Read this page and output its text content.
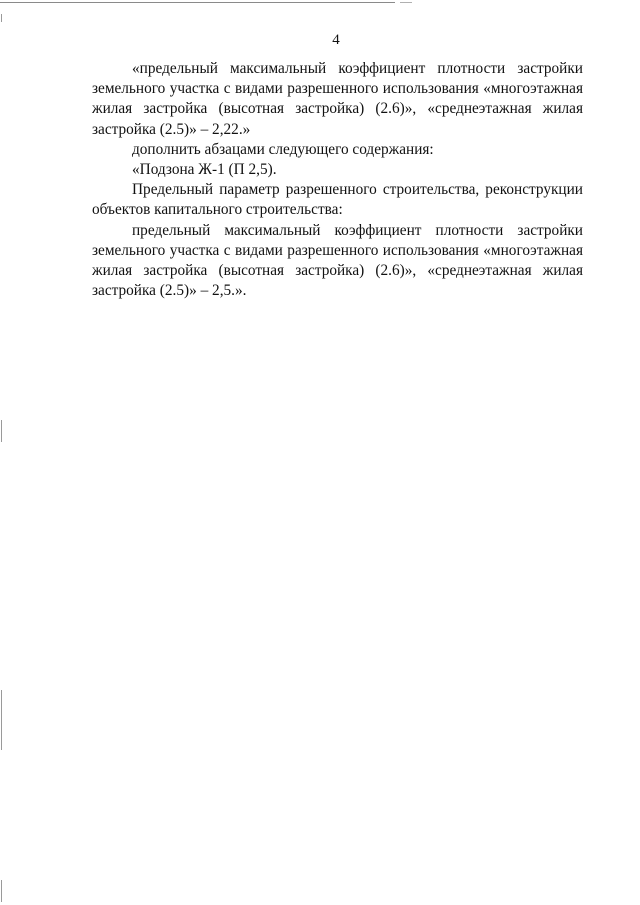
4

«предельный максимальный коэффициент плотности застройки земельного участка с видами разрешенного использования «многоэтажная жилая застройка (высотная застройка) (2.6)», «среднеэтажная жилая застройка (2.5)» – 2,22.»

дополнить абзацами следующего содержания:

«Подзона Ж-1 (П 2,5).

Предельный параметр разрешенного строительства, реконструкции объектов капитального строительства:

предельный максимальный коэффициент плотности застройки земельного участка с видами разрешенного использования «многоэтажная жилая застройка (высотная застройка) (2.6)», «среднеэтажная жилая застройка (2.5)» – 2,5.».
